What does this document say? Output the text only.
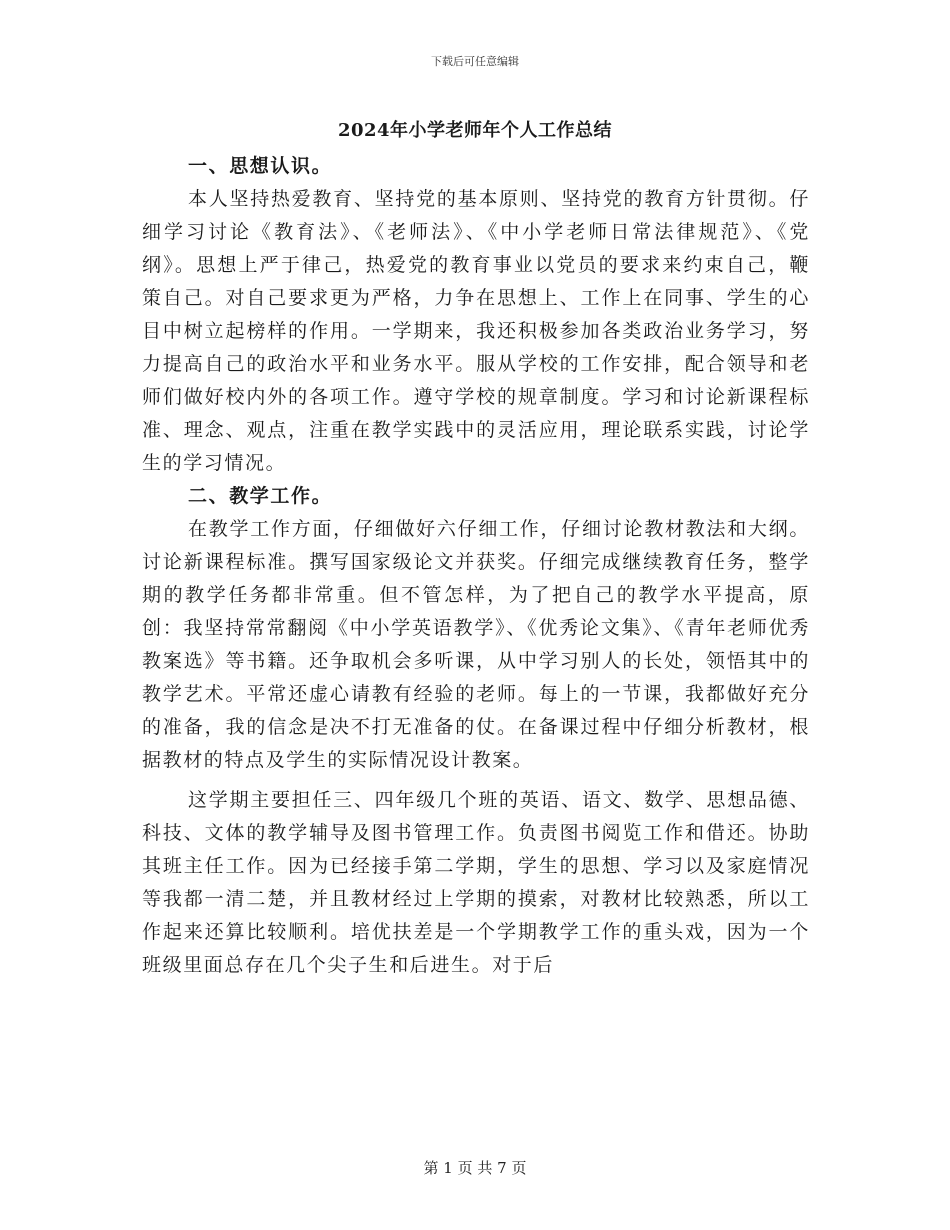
下载后可任意编辑
2024年小学老师年个人工作总结

一、思想认识。

本人坚持热爱教育、坚持党的基本原则、坚持党的教育方针贯彻。仔细学习讨论《教育法》、《老师法》、《中小学老师日常法律规范》、《党纲》。思想上严于律己，热爱党的教育事业以党员的要求来约束自己，鞭策自己。对自己要求更为严格，力争在思想上、工作上在同事、学生的心目中树立起榜样的作用。一学期来，我还积极参加各类政治业务学习，努力提高自己的政治水平和业务水平。服从学校的工作安排，配合领导和老师们做好校内外的各项工作。遵守学校的规章制度。学习和讨论新课程标准、理念、观点，注重在教学实践中的灵活应用，理论联系实践，讨论学生的学习情况。

二、教学工作。

在教学工作方面，仔细做好六仔细工作，仔细讨论教材教法和大纲。讨论新课程标准。撰写国家级论文并获奖。仔细完成继续教育任务，整学期的教学任务都非常重。但不管怎样，为了把自己的教学水平提高，原创：我坚持常常翻阅《中小学英语教学》、《优秀论文集》、《青年老师优秀教案选》等书籍。还争取机会多听课，从中学习别人的长处，领悟其中的教学艺术。平常还虚心请教有经验的老师。每上的一节课，我都做好充分的准备，我的信念是决不打无准备的仗。在备课过程中仔细分析教材，根据教材的特点及学生的实际情况设计教案。

这学期主要担任三、四年级几个班的英语、语文、数学、思想品德、科技、文体的教学辅导及图书管理工作。负责图书阅览工作和借还。协助其班主任工作。因为已经接手第二学期，学生的思想、学习以及家庭情况等我都一清二楚，并且教材经过上学期的摸索，对教材比较熟悉，所以工作起来还算比较顺利。培优扶差是一个学期教学工作的重头戏，因为一个班级里面总存在几个尖子生和后进生。对于后

第 1 页 共 7 页
